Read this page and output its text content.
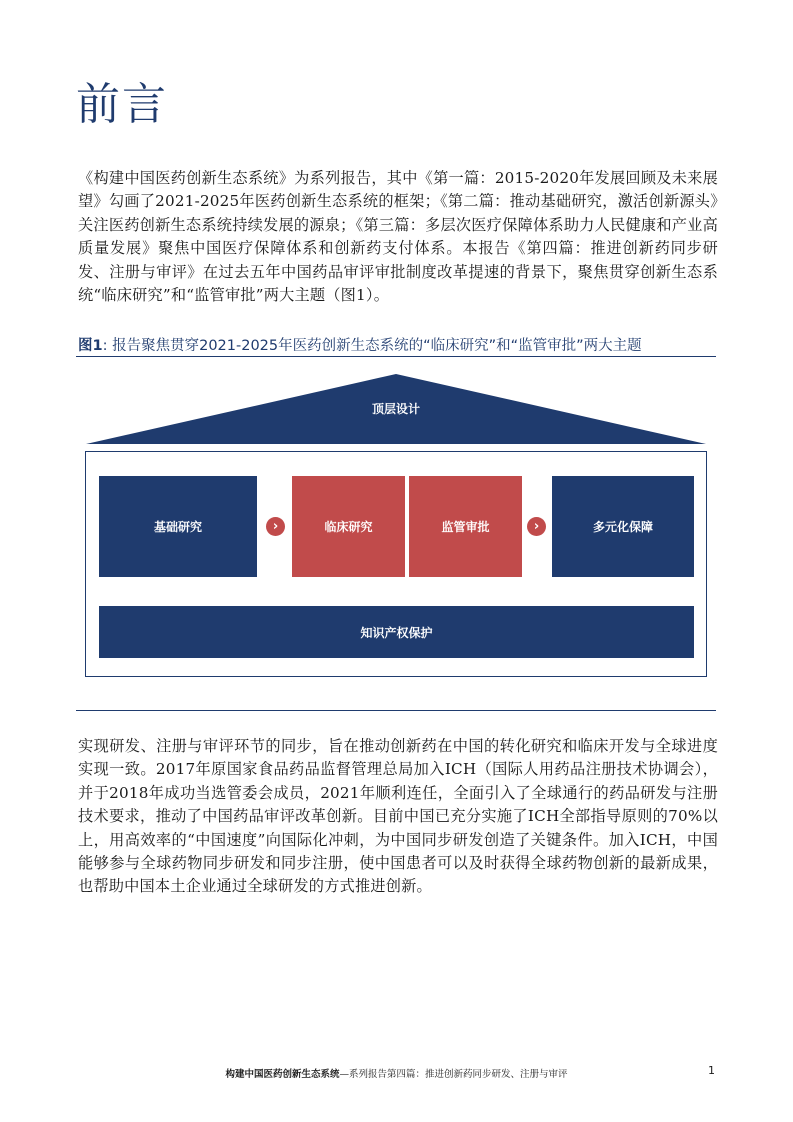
前言

《构建中国医药创新生态系统》为系列报告，其中《第一篇：2015-2020年发展回顾及未来展望》勾画了2021-2025年医药创新生态系统的框架；《第二篇：推动基础研究，激活创新源头》关注医药创新生态系统持续发展的源泉；《第三篇：多层次医疗保障体系助力人民健康和产业高质量发展》聚焦中国医疗保障体系和创新药支付体系。本报告《第四篇：推进创新药同步研发、注册与审评》在过去五年中国药品审评审批制度改革提速的背景下，聚焦贯穿创新生态系统“临床研究”和“监管审批”两大主题（图1）。

图1: 报告聚焦贯穿2021-2025年医药创新生态系统的“临床研究”和“监管审批”两大主题
顶层设计
基础研究	›	临床研究	监管审批	›	多元化保障
知识产权保护

实现研发、注册与审评环节的同步，旨在推动创新药在中国的转化研究和临床开发与全球进度实现一致。2017年原国家食品药品监督管理总局加入ICH（国际人用药品注册技术协调会），并于2018年成功当选管委会成员，2021年顺利连任，全面引入了全球通行的药品研发与注册技术要求，推动了中国药品审评改革创新。目前中国已充分实施了ICH全部指导原则的70%以上，用高效率的“中国速度”向国际化冲刺，为中国同步研发创造了关键条件。加入ICH，中国能够参与全球药物同步研发和同步注册，使中国患者可以及时获得全球药物创新的最新成果，也帮助中国本土企业通过全球研发的方式推进创新。

构建中国医药创新生态系统—系列报告第四篇：推进创新药同步研发、注册与审评	1
